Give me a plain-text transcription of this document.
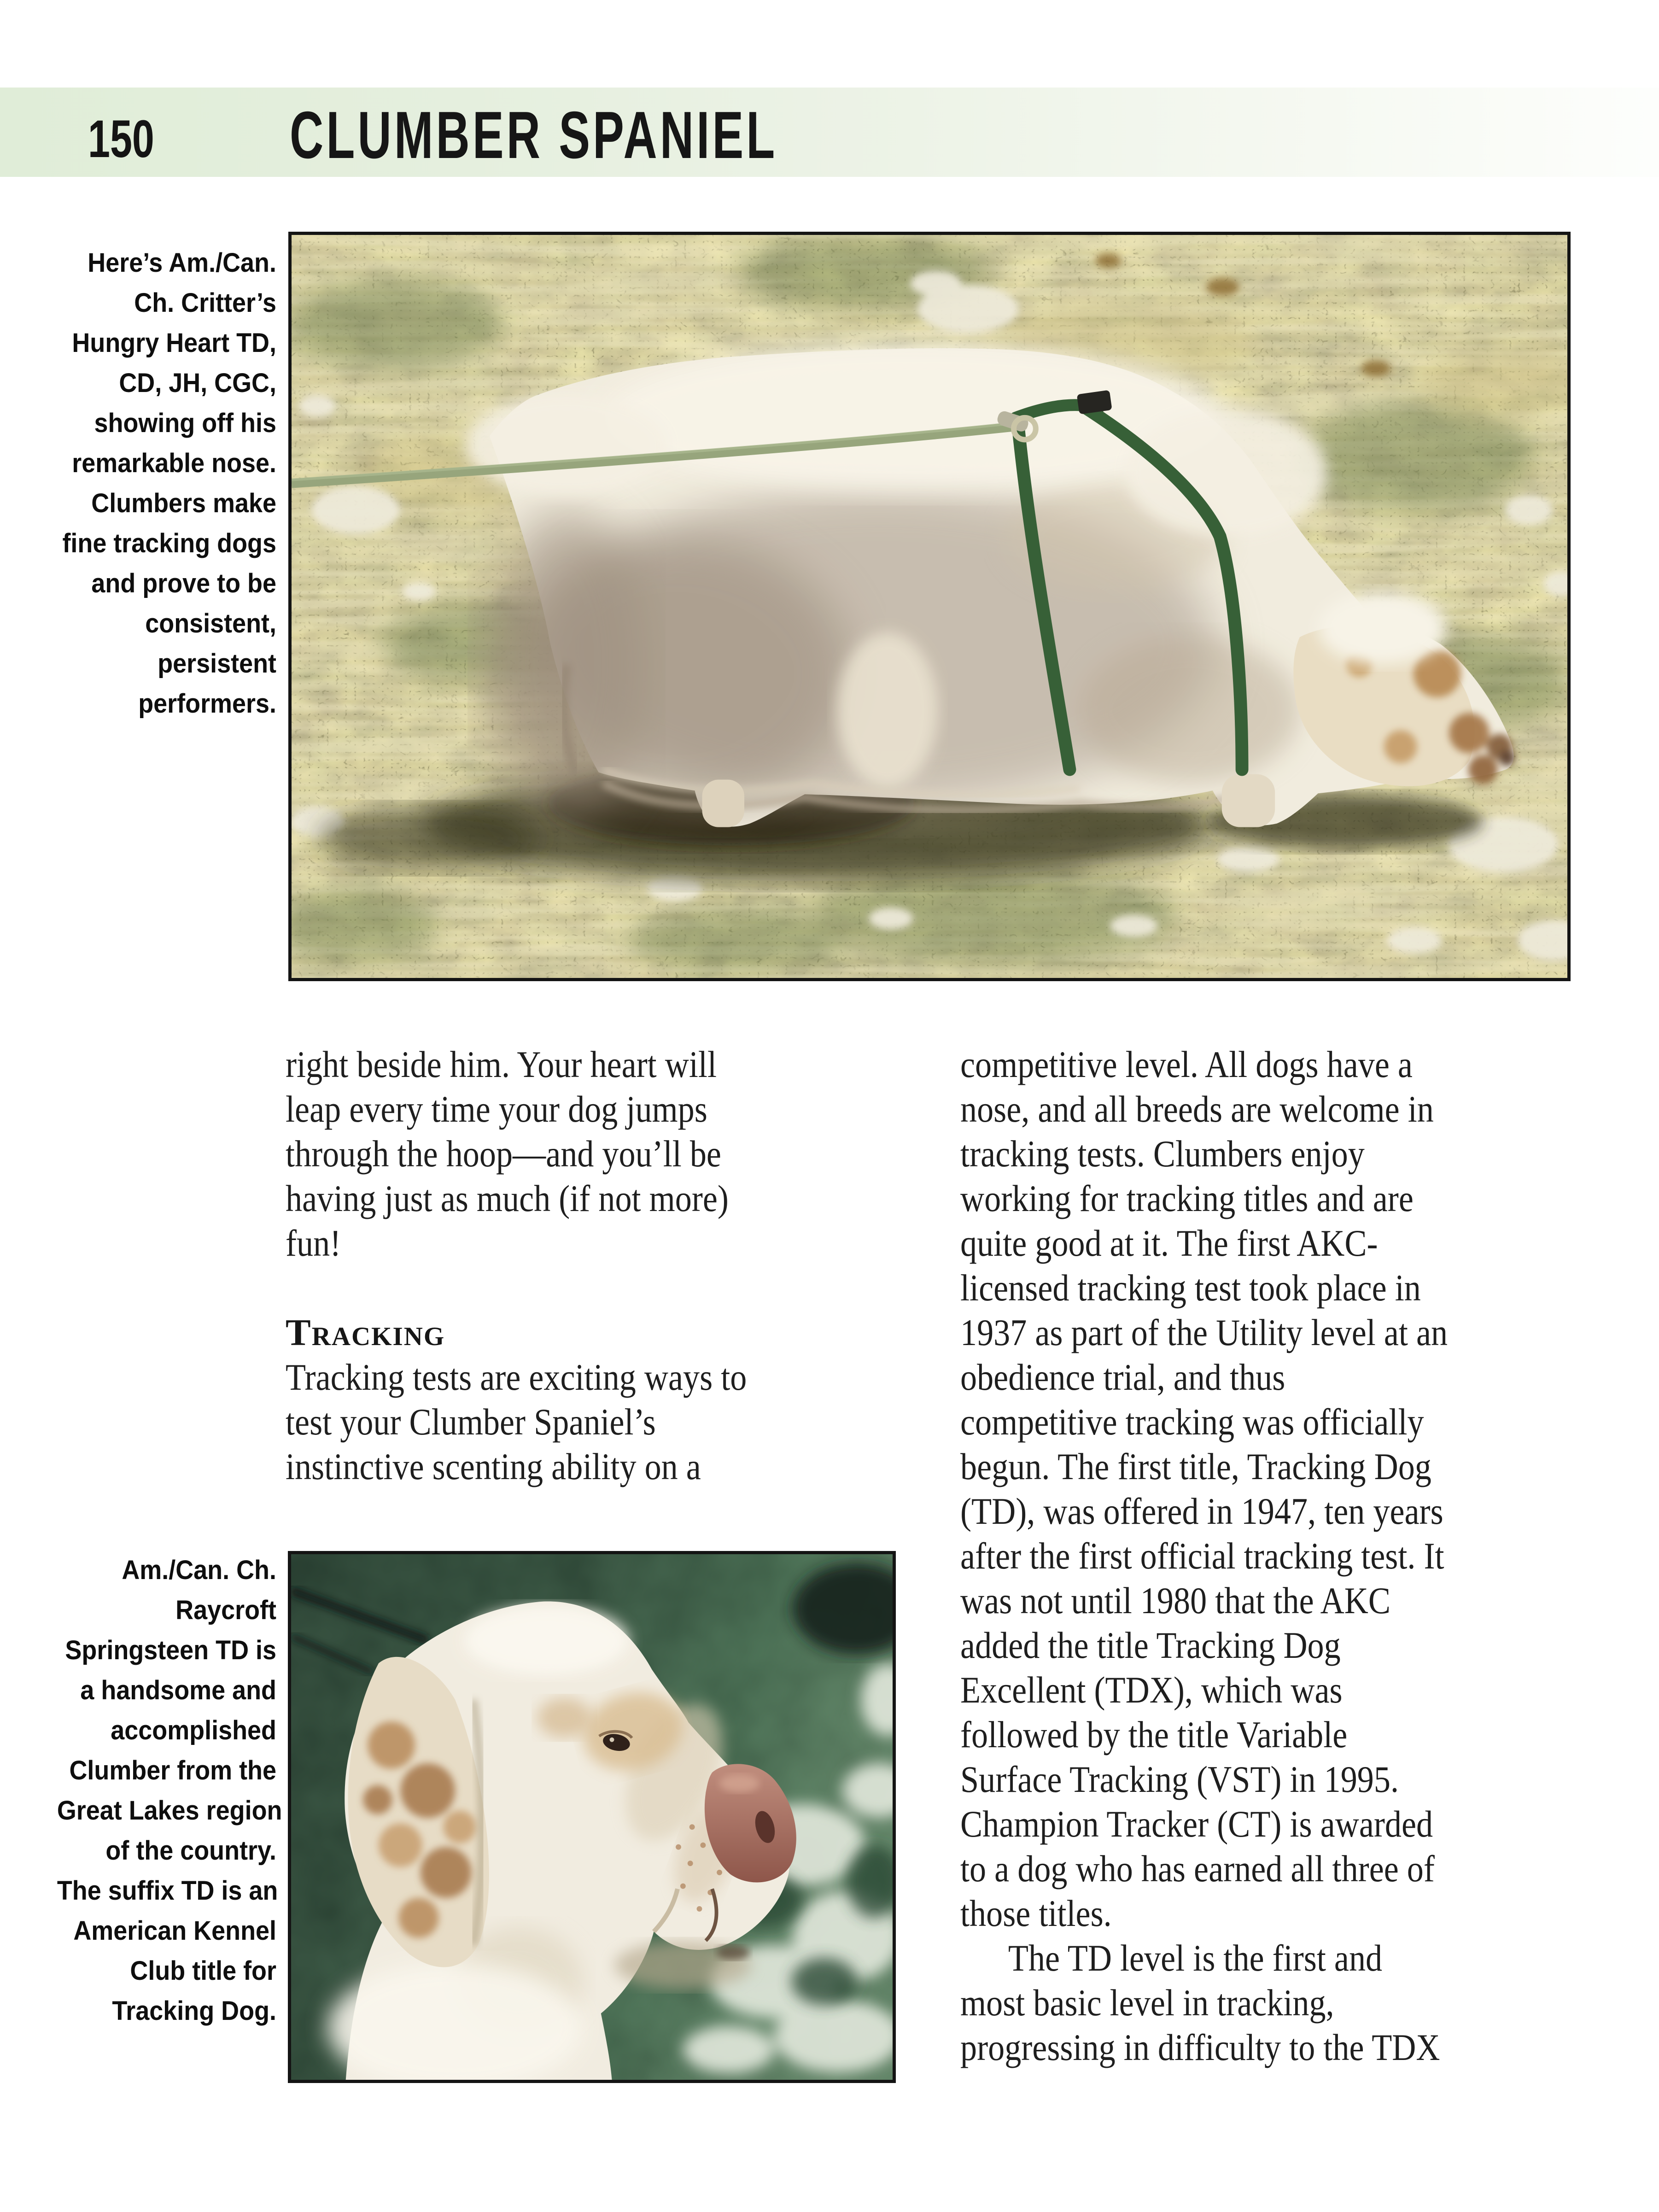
150 CLUMBER SPANIEL
Here’s Am./Can.
Ch. Critter’s
Hungry Heart TD,
CD, JH, CGC,
showing off his
remarkable nose.
Clumbers make
fine tracking dogs
and prove to be
consistent,
persistent
performers.
right beside him. Your heart will
leap every time your dog jumps
through the hoop—and you’ll be
having just as much (if not more)
fun!
Tracking
Tracking tests are exciting ways to
test your Clumber Spaniel’s
instinctive scenting ability on a
competitive level. All dogs have a
nose, and all breeds are welcome in
tracking tests. Clumbers enjoy
working for tracking titles and are
quite good at it. The first AKC-
licensed tracking test took place in
1937 as part of the Utility level at an
obedience trial, and thus
competitive tracking was officially
begun. The first title, Tracking Dog
(TD), was offered in 1947, ten years
after the first official tracking test. It
was not until 1980 that the AKC
added the title Tracking Dog
Excellent (TDX), which was
followed by the title Variable
Surface Tracking (VST) in 1995.
Champion Tracker (CT) is awarded
to a dog who has earned all three of
those titles.
The TD level is the first and
most basic level in tracking,
progressing in difficulty to the TDX
Am./Can. Ch.
Raycroft
Springsteen TD is
a handsome and
accomplished
Clumber from the
Great Lakes region
of the country.
The suffix TD is an
American Kennel
Club title for
Tracking Dog.
